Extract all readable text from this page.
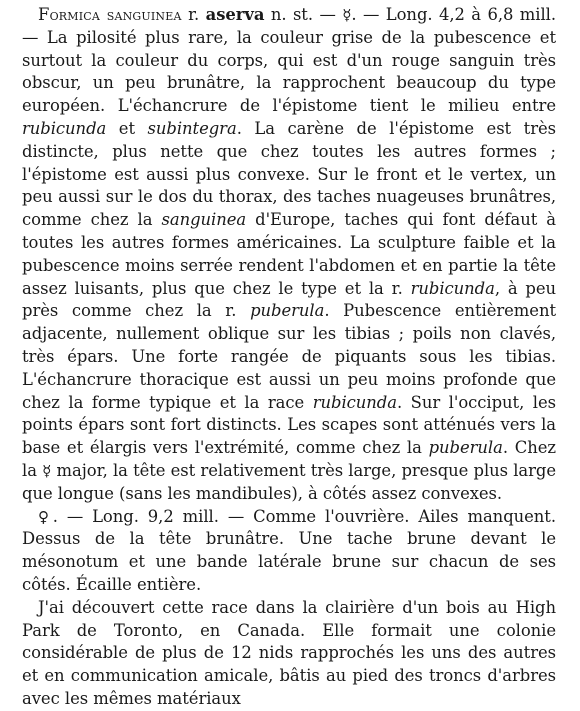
Formica sanguinea r. aserva n. st. — ☿. — Long. 4,2 à 6,8 mill. — La pilosité plus rare, la couleur grise de la pubescence et surtout la couleur du corps, qui est d'un rouge sanguin très obscur, un peu brunâtre, la rapprochent beaucoup du type européen. L'échancrure de l'épistome tient le milieu entre rubicunda et subintegra. La carène de l'épistome est très distincte, plus nette que chez toutes les autres formes ; l'épistome est aussi plus convexe. Sur le front et le vertex, un peu aussi sur le dos du thorax, des taches nuageuses brunâtres, comme chez la sanguinea d'Europe, taches qui font défaut à toutes les autres formes américaines. La sculpture faible et la pubescence moins serrée rendent l'abdomen et en partie la tête assez luisants, plus que chez le type et la r. rubicunda, à peu près comme chez la r. puberula. Pubescence entièrement adjacente, nullement oblique sur les tibias ; poils non clavés, très épars. Une forte rangée de piquants sous les tibias. L'échancrure thoracique est aussi un peu moins profonde que chez la forme typique et la race rubicunda. Sur l'occiput, les points épars sont fort distincts. Les scapes sont atténués vers la base et élargis vers l'extrémité, comme chez la puberula. Chez la ☿ major, la tête est relativement très large, presque plus large que longue (sans les mandibules), à côtés assez convexes.

♀. — Long. 9,2 mill. — Comme l'ouvrière. Ailes manquent. Dessus de la tête brunâtre. Une tache brune devant le mésonotum et une bande latérale brune sur chacun de ses côtés. Écaille entière.

J'ai découvert cette race dans la clairière d'un bois au High Park de Toronto, en Canada. Elle formait une colonie considérable de plus de 12 nids rapprochés les uns des autres et en communication amicale, bâtis au pied des troncs d'arbres avec les mêmes matériaux
